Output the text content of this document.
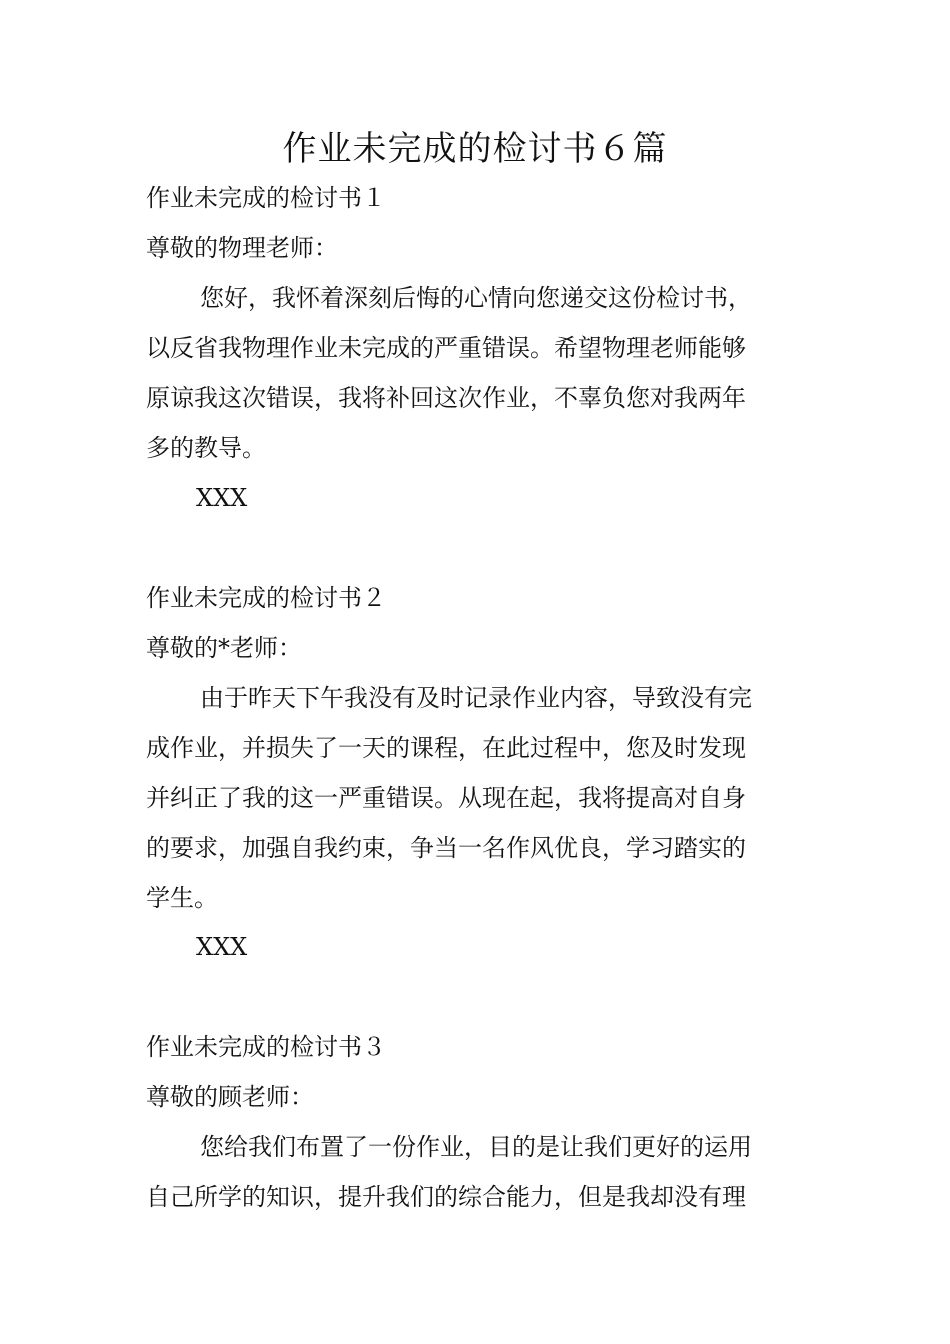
作业未完成的检讨书６篇
作业未完成的检讨书１
尊敬的物理老师：
您好，我怀着深刻后悔的心情向您递交这份检讨书，
以反省我物理作业未完成的严重错误。希望物理老师能够
原谅我这次错误，我将补回这次作业，不辜负您对我两年
多的教导。
XXX
作业未完成的检讨书２
尊敬的*老师：
由于昨天下午我没有及时记录作业内容，导致没有完
成作业，并损失了一天的课程，在此过程中，您及时发现
并纠正了我的这一严重错误。从现在起，我将提高对自身
的要求，加强自我约束，争当一名作风优良，学习踏实的
学生。
XXX
作业未完成的检讨书３
尊敬的顾老师：
您给我们布置了一份作业，目的是让我们更好的运用
自己所学的知识，提升我们的综合能力，但是我却没有理
